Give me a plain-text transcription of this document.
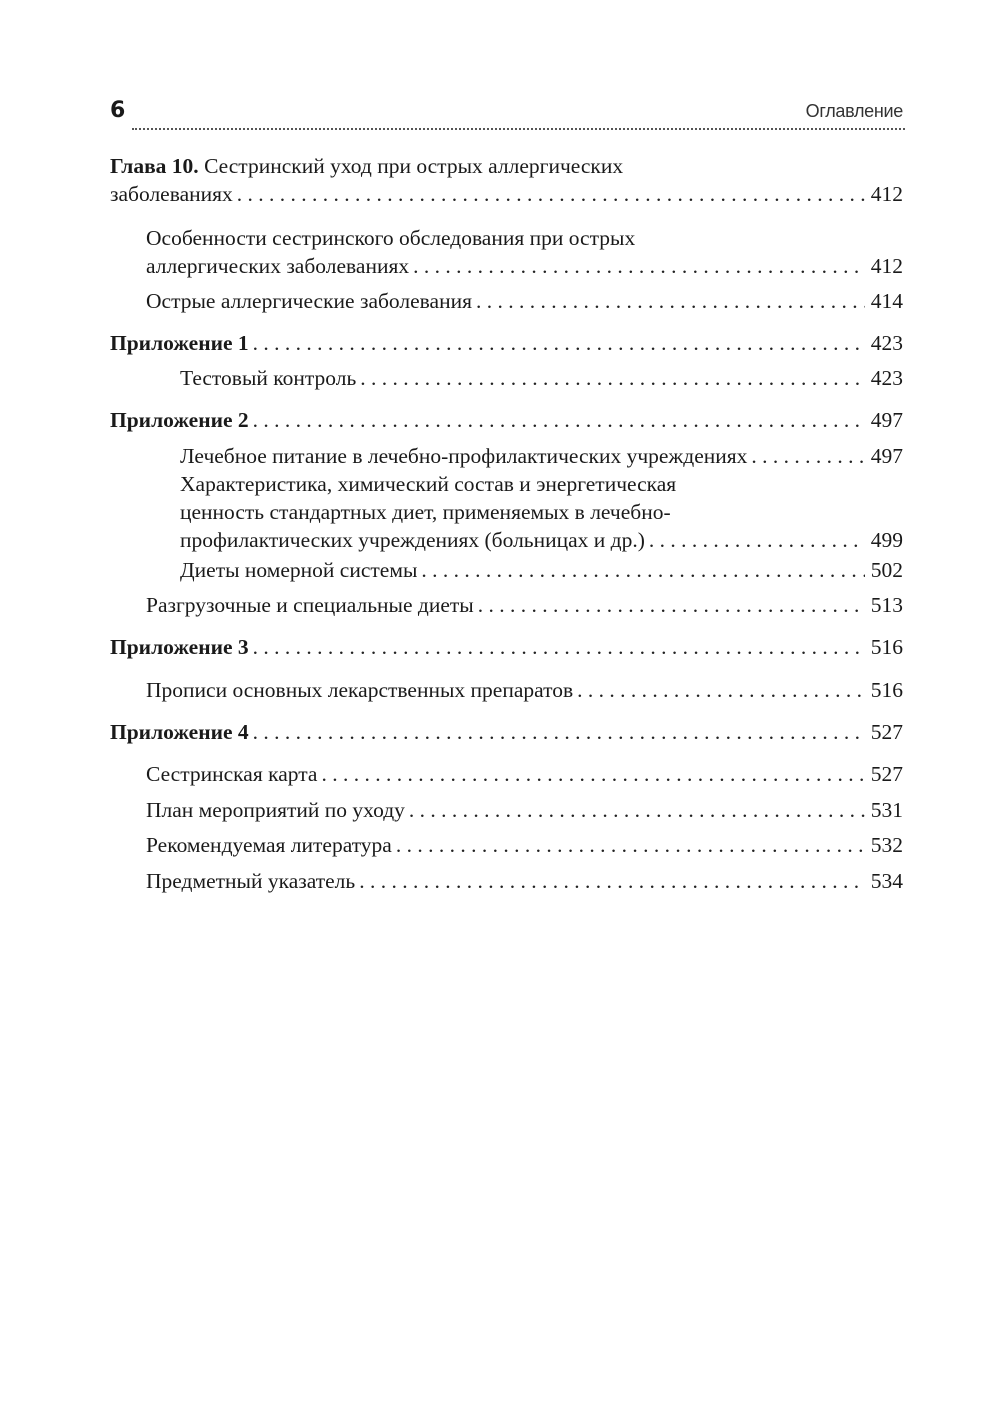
6	Оглавление
Глава 10. Сестринский уход при острых аллергических
заболеваниях . . .	412
Особенности сестринского обследования при острых
аллергических заболеваниях . . .	412
Острые аллергические заболевания . . .	414
Приложение 1 . . .	423
Тестовый контроль . . .	423
Приложение 2 . . .	497
Лечебное питание в лечебно-профилактических учреждениях . . .	497
Характеристика, химический состав и энергетическая
ценность стандартных диет, применяемых в лечебно-
профилактических учреждениях (больницах и др.) . . .	499
Диеты номерной системы . . .	502
Разгрузочные и специальные диеты . . .	513
Приложение 3 . . .	516
Прописи основных лекарственных препаратов . . .	516
Приложение 4 . . .	527
Сестринская карта . . .	527
План мероприятий по уходу . . .	531
Рекомендуемая литература . . .	532
Предметный указатель . . .	534
